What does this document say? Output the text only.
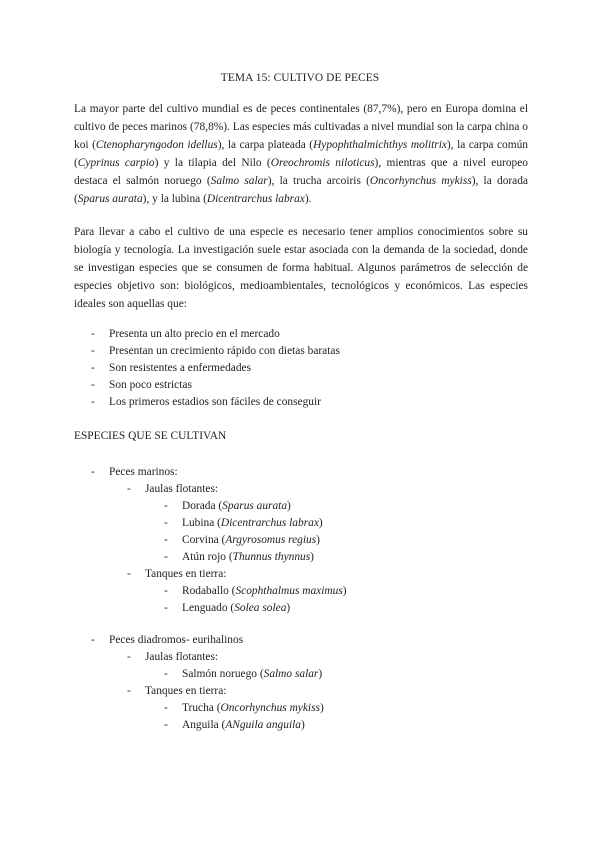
TEMA 15: CULTIVO DE PECES

La mayor parte del cultivo mundial es de peces continentales (87,7%), pero en Europa domina el cultivo de peces marinos (78,8%). Las especies más cultivadas a nivel mundial son la carpa china o koi (Ctenopharyngodon idellus), la carpa plateada (Hypophthalmichthys molitrix), la carpa común (Cyprinus carpio) y la tilapia del Nilo (Oreochromis niloticus), mientras que a nivel europeo destaca el salmón noruego (Salmo salar), la trucha arcoiris (Oncorhynchus mykiss), la dorada (Sparus aurata), y la lubina (Dicentrarchus labrax).

Para llevar a cabo el cultivo de una especie es necesario tener amplios conocimientos sobre su biología y tecnología. La investigación suele estar asociada con la demanda de la sociedad, donde se investigan especies que se consumen de forma habitual. Algunos parámetros de selección de especies objetivo son: biológicos, medioambientales, tecnológicos y económicos. Las especies ideales son aquellas que:

- Presenta un alto precio en el mercado
- Presentan un crecimiento rápido con dietas baratas
- Son resistentes a enfermedades
- Son poco estrictas
- Los primeros estadios son fáciles de conseguir
ESPECIES QUE SE CULTIVAN
- Peces marinos:
- Jaulas flotantes:
- Dorada (Sparus aurata)
- Lubina (Dicentrarchus labrax)
- Corvina (Argyrosomus regius)
- Atún rojo (Thunnus thynnus)
- Tanques en tierra:
- Rodaballo (Scophthalmus maximus)
- Lenguado (Solea solea)
- Peces diadromos- eurihalinos
- Jaulas flotantes:
- Salmón noruego (Salmo salar)
- Tanques en tierra:
- Trucha (Oncorhynchus mykiss)
- Anguila (ANguila anguila)
